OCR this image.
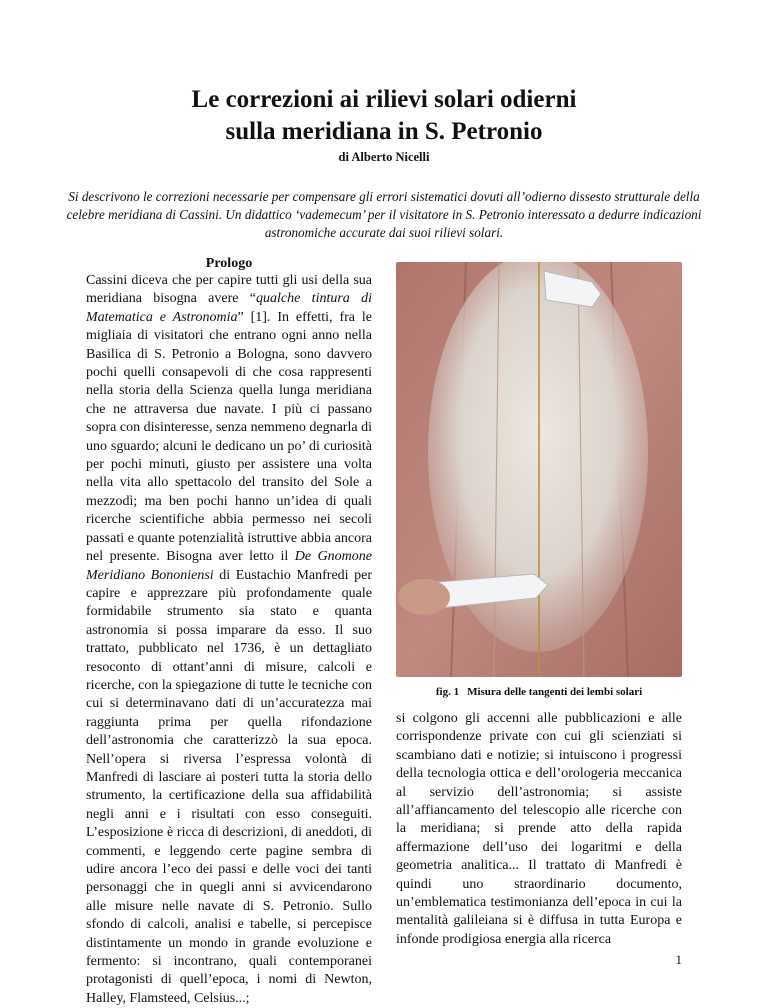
Le correzioni ai rilievi solari odierni
sulla meridiana in S. Petronio
di Alberto Nicelli

Si descrivono le correzioni necessarie per compensare gli errori sistematici dovuti all’odierno dissesto strutturale della celebre meridiana di Cassini. Un didattico ‘vademecum’ per il visitatore in S. Petronio interessato a dedurre indicazioni astronomiche accurate dai suoi rilievi solari.

Prologo

Cassini diceva che per capire tutti gli usi della sua meridiana bisogna avere “qualche tintura di Matematica e Astronomia” [1]. In effetti, fra le migliaia di visitatori che entrano ogni anno nella Basilica di S. Petronio a Bologna, sono davvero pochi quelli consapevoli di che cosa rappresenti nella storia della Scienza quella lunga meridiana che ne attraversa due navate. I più ci passano sopra con disinteresse, senza nemmeno degnarla di uno sguardo; alcuni le dedicano un po’ di curiosità per pochi minuti, giusto per assistere una volta nella vita allo spettacolo del transito del Sole a mezzodì; ma ben pochi hanno un’idea di quali ricerche scientifiche abbia permesso nei secoli passati e quante potenzialità istruttive abbia ancora nel presente. Bisogna aver letto il De Gnomone Meridiano Bononiensi di Eustachio Manfredi per capire e apprezzare più profondamente quale formidabile strumento sia stato e quanta astronomia si possa imparare da esso. Il suo trattato, pubblicato nel 1736, è un dettagliato resoconto di ottant’anni di misure, calcoli e ricerche, con la spiegazione di tutte le tecniche con cui si determinavano dati di un’accuratezza mai raggiunta prima per quella rifondazione dell’astronomia che caratterizzò la sua epoca. Nell’opera si riversa l’espressa volontà di Manfredi di lasciare ai posteri tutta la storia dello strumento, la certificazione della sua affidabilità negli anni e i risultati con esso conseguiti. L’esposizione è ricca di descrizioni, di aneddoti, di commenti, e leggendo certe pagine sembra di udire ancora l’eco dei passi e delle voci dei tanti personaggi che in quegli anni si avvicendarono alle misure nelle navate di S. Petronio. Sullo sfondo di calcoli, analisi e tabelle, si percepisce distintamente un mondo in grande evoluzione e fermento: si incontrano, quali contemporanei protagonisti di quell’epoca, i nomi di Newton, Halley, Flamsteed, Celsius...;

fig. 1 Misura delle tangenti dei lembi solari

si colgono gli accenni alle pubblicazioni e alle corrispondenze private con cui gli scienziati si scambiano dati e notizie; si intuiscono i progressi della tecnologia ottica e dell’orologeria meccanica al servizio dell’astronomia; si assiste all’affiancamento del telescopio alle ricerche con la meridiana; si prende atto della rapida affermazione dell’uso dei logaritmi e della geometria analitica... Il trattato di Manfredi è quindi uno straordinario documento, un’emblematica testimonianza dell’epoca in cui la mentalità galileiana si è diffusa in tutta Europa e infonde prodigiosa energia alla ricerca

1
